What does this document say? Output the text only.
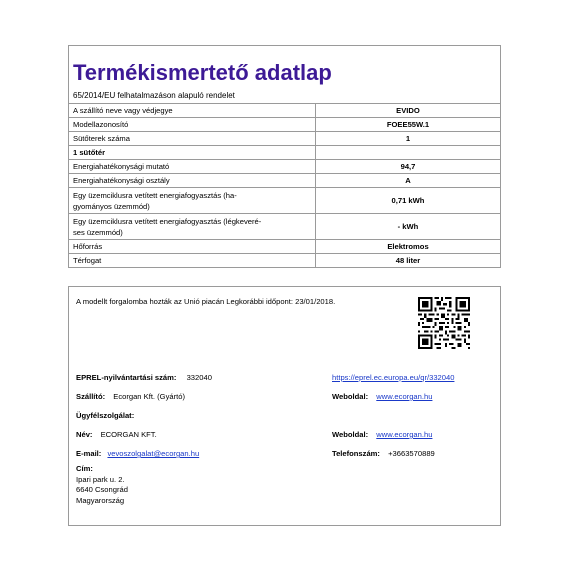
Termékismertető adatlap
65/2014/EU felhatalmazáson alapuló rendelet
A szállító neve vagy védjegye	EVIDO
Modellazonosító	FOEE55W.1
Sütőterek száma	1
1 sütőtér	
Energiahatékonysági mutató	94,7
Energiahatékonysági osztály	A
Egy üzemciklusra vetített energiafogyasztás (ha-
gyományos üzemmód)	0,71 kWh
Egy üzemciklusra vetített energiafogyasztás (légkeveré-
ses üzemmód)	- kWh
Hőforrás	Elektromos
Térfogat	48 liter
A modellt forgalomba hozták az Unió piacán Legkorábbi időpont: 23/01/2018.
EPREL-nyilvántartási szám: 332040	https://eprel.ec.europa.eu/qr/332040
Szállító: Ecorgan Kft. (Gyártó)	Weboldal: www.ecorgan.hu
Ügyfélszolgálat:
Név: ECORGAN KFT.	Weboldal: www.ecorgan.hu
E-mail: vevoszolgalat@ecorgan.hu	Telefonszám: +3663570889
Cím:
Ipari park u. 2.
6640 Csongrád
Magyarország
